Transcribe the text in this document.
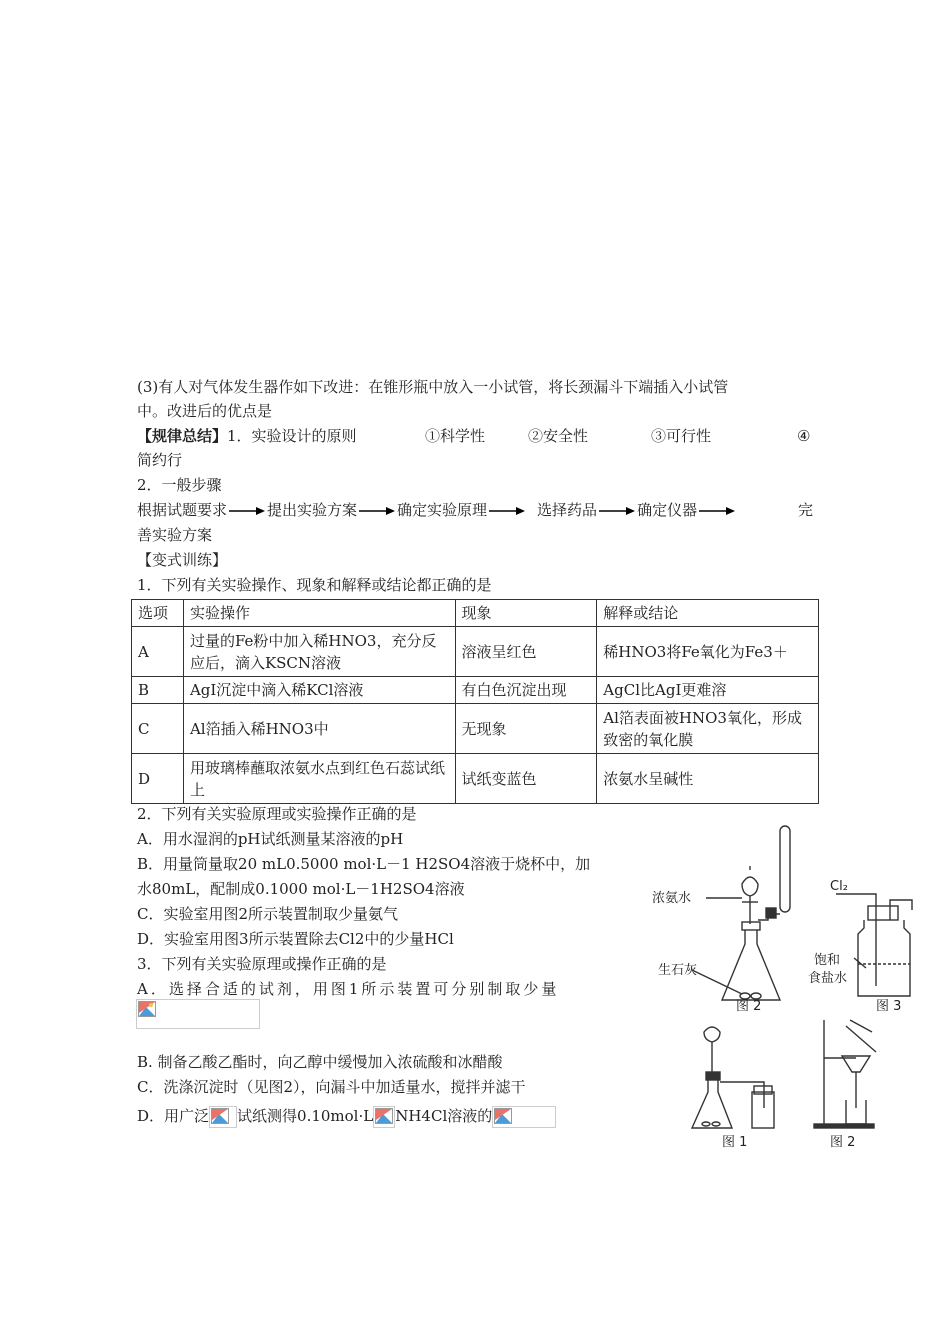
(3)有人对气体发生器作如下改进：在锥形瓶中放入一小试管，将长颈漏斗下端插入小试管
中。改进后的优点是
【规律总结】1．实验设计的原则	①科学性	②安全性	③可行性	④
简约行
2．一般步骤
根据试题要求	提出实验方案	确定实验原理	选择药品	确定仪器	完
善实验方案
【变式训练】
1．下列有关实验操作、现象和解释或结论都正确的是
选项	实验操作	现象	解释或结论
A	过量的Fe粉中加入稀HNO3，充分反应后，滴入KSCN溶液	溶液呈红色	稀HNO3将Fe氧化为Fe3＋
B	AgI沉淀中滴入稀KCl溶液	有白色沉淀出现	AgCl比AgI更难溶
C	Al箔插入稀HNO3中	无现象	Al箔表面被HNO3氧化，形成致密的氧化膜
D	用玻璃棒蘸取浓氨水点到红色石蕊试纸上	试纸变蓝色	浓氨水呈碱性
2．下列有关实验原理或实验操作正确的是
A．用水湿润的pH试纸测量某溶液的pH
B．用量筒量取20 mL0.5000 mol·L－1 H2SO4溶液于烧杯中，加
水80mL，配制成0.1000 mol·L－1H2SO4溶液
C．实验室用图2所示装置制取少量氨气
D．实验室用图3所示装置除去Cl2中的少量HCl
3．下列有关实验原理或操作正确的是
A．选择合适的试剂，用图1所示装置可分别制取少量
B. 制备乙酸乙酯时，向乙醇中缓慢加入浓硫酸和冰醋酸
C．洗涤沉淀时（见图2），向漏斗中加适量水，搅拌并滤干
D．用广泛 试纸测得0.10mol·L NH4Cl溶液的
浓氨水
生石灰
图 2
Cl₂
饱和
食盐水
图 3
图 1	图 2
